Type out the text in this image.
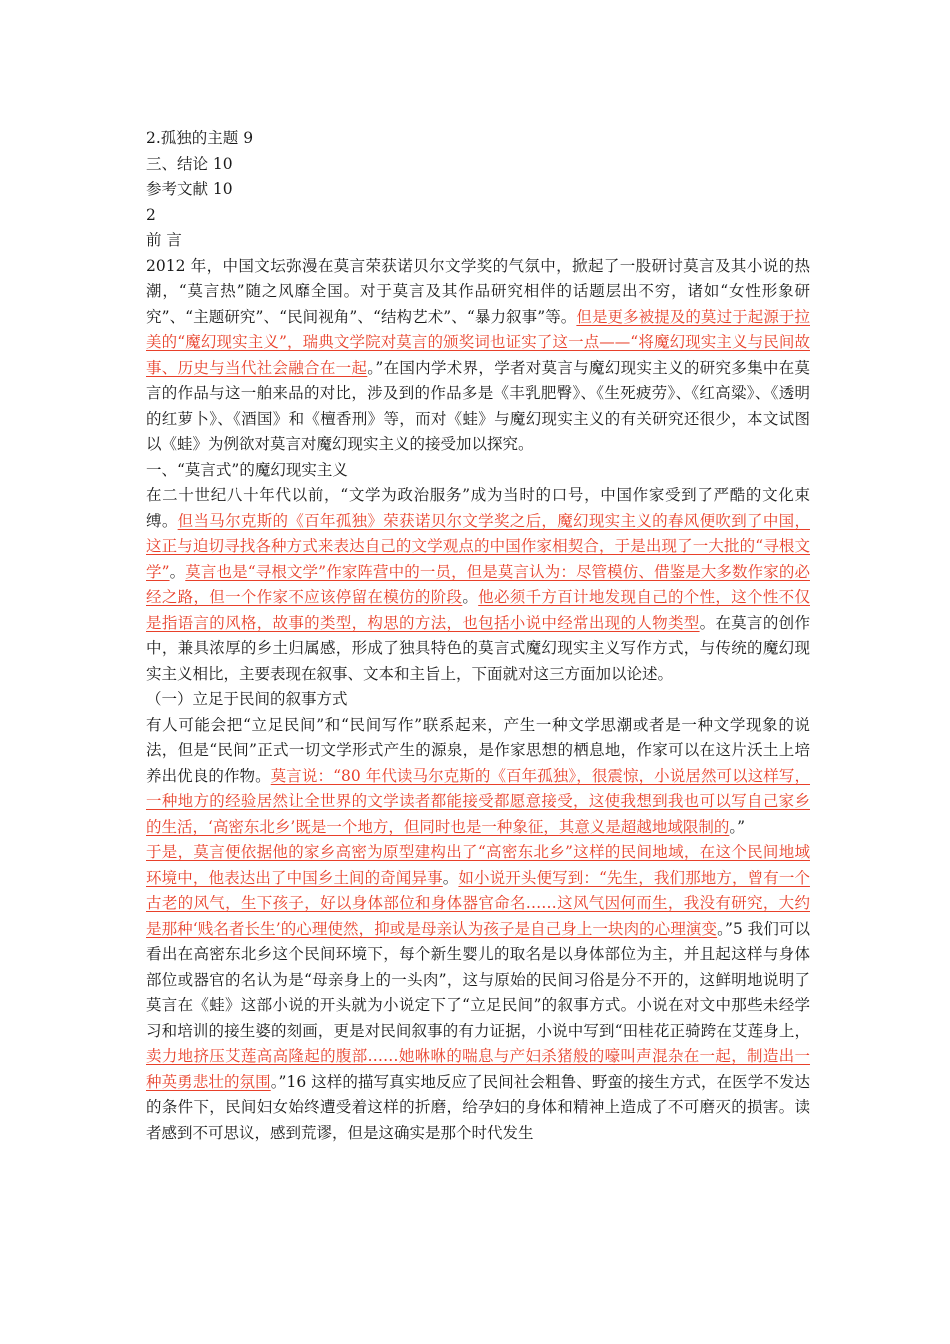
2.孤独的主题 9
三、结论 10
参考文献 10
2
前 言
2012 年，中国文坛弥漫在莫言荣获诺贝尔文学奖的气氛中，掀起了一股研讨莫言及其小说的热潮，“莫言热”随之风靡全国。对于莫言及其作品研究相伴的话题层出不穷，诸如“女性形象研究”、“主题研究”、“民间视角”、“结构艺术”、“暴力叙事”等。但是更多被提及的莫过于起源于拉美的“魔幻现实主义”，瑞典文学院对莫言的颁奖词也证实了这一点——“将魔幻现实主义与民间故事、历史与当代社会融合在一起。”在国内学术界，学者对莫言与魔幻现实主义的研究多集中在莫言的作品与这一舶来品的对比，涉及到的作品多是《丰乳肥臀》、《生死疲劳》、《红高粱》、《透明的红萝卜》、《酒国》和《檀香刑》等，而对《蛙》与魔幻现实主义的有关研究还很少，本文试图以《蛙》为例欲对莫言对魔幻现实主义的接受加以探究。
一、“莫言式”的魔幻现实主义
在二十世纪八十年代以前，“文学为政治服务”成为当时的口号，中国作家受到了严酷的文化束缚。但当马尔克斯的《百年孤独》荣获诺贝尔文学奖之后，魔幻现实主义的春风便吹到了中国，这正与迫切寻找各种方式来表达自己的文学观点的中国作家相契合，于是出现了一大批的“寻根文学”。莫言也是“寻根文学”作家阵营中的一员，但是莫言认为：尽管模仿、借鉴是大多数作家的必经之路，但一个作家不应该停留在模仿的阶段。他必须千方百计地发现自己的个性，这个性不仅是指语言的风格，故事的类型，构思的方法，也包括小说中经常出现的人物类型。在莫言的创作中，兼具浓厚的乡土归属感，形成了独具特色的莫言式魔幻现实主义写作方式，与传统的魔幻现实主义相比，主要表现在叙事、文本和主旨上，下面就对这三方面加以论述。
（一）立足于民间的叙事方式
有人可能会把“立足民间”和“民间写作”联系起来，产生一种文学思潮或者是一种文学现象的说法，但是“民间”正式一切文学形式产生的源泉，是作家思想的栖息地，作家可以在这片沃土上培养出优良的作物。莫言说：“80 年代读马尔克斯的《百年孤独》，很震惊，小说居然可以这样写，一种地方的经验居然让全世界的文学读者都能接受都愿意接受，这使我想到我也可以写自己家乡的生活，‘高密东北乡’既是一个地方，但同时也是一种象征，其意义是超越地域限制的。”
于是，莫言便依据他的家乡高密为原型建构出了“高密东北乡”这样的民间地域，在这个民间地域环境中，他表达出了中国乡土间的奇闻异事。如小说开头便写到：“先生，我们那地方，曾有一个古老的风气，生下孩子，好以身体部位和身体器官命名……这风气因何而生，我没有研究，大约是那种‘贱名者长生’的心理使然，抑或是母亲认为孩子是自己身上一块肉的心理演变。”5 我们可以看出在高密东北乡这个民间环境下，每个新生婴儿的取名是以身体部位为主，并且起这样与身体部位或器官的名认为是“母亲身上的一头肉”，这与原始的民间习俗是分不开的，这鲜明地说明了莫言在《蛙》这部小说的开头就为小说定下了“立足民间”的叙事方式。小说在对文中那些未经学习和培训的接生婆的刻画，更是对民间叙事的有力证据，小说中写到“田桂花正骑跨在艾莲身上，卖力地挤压艾莲高高隆起的腹部……她咻咻的喘息与产妇杀猪般的嚎叫声混杂在一起，制造出一种英勇悲壮的氛围。”16 这样的描写真实地反应了民间社会粗鲁、野蛮的接生方式，在医学不发达的条件下，民间妇女始终遭受着这样的折磨，给孕妇的身体和精神上造成了不可磨灭的损害。读者感到不可思议，感到荒谬，但是这确实是那个时代发生
